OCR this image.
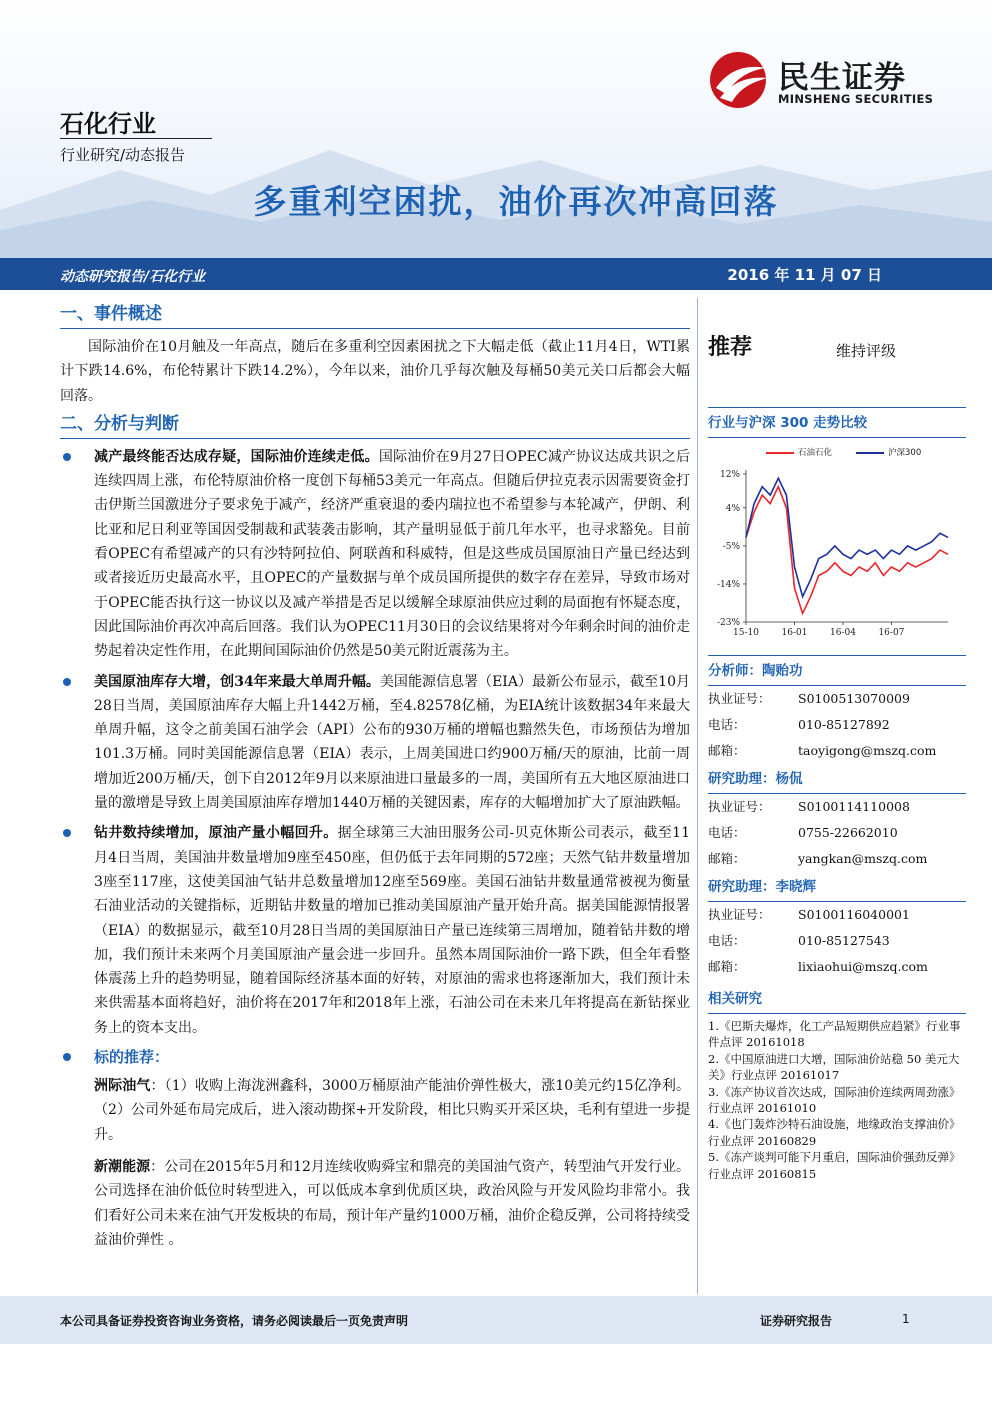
石化行业
行业研究/动态报告
民生证券
MINSHENG SECURITIES
多重利空困扰，油价再次冲高回落
动态研究报告/石化行业	2016 年 11 月 07 日
一、事件概述
国际油价在10月触及一年高点，随后在多重利空因素困扰之下大幅走低（截止11月4日，WTI累计下跌14.6%，布伦特累计下跌14.2%），今年以来，油价几乎每次触及每桶50美元关口后都会大幅回落。
二、分析与判断
减产最终能否达成存疑，国际油价连续走低。国际油价在9月27日OPEC减产协议达成共识之后连续四周上涨，布伦特原油价格一度创下每桶53美元一年高点。但随后伊拉克表示因需要资金打击伊斯兰国激进分子要求免于减产，经济严重衰退的委内瑞拉也不希望参与本轮减产，伊朗、利比亚和尼日利亚等国因受制裁和武装袭击影响，其产量明显低于前几年水平，也寻求豁免。目前看OPEC有希望减产的只有沙特阿拉伯、阿联酋和科威特，但是这些成员国原油日产量已经达到或者接近历史最高水平，且OPEC的产量数据与单个成员国所提供的数字存在差异，导致市场对于OPEC能否执行这一协议以及减产举措是否足以缓解全球原油供应过剩的局面抱有怀疑态度，因此国际油价再次冲高后回落。我们认为OPEC11月30日的会议结果将对今年剩余时间的油价走势起着决定性作用，在此期间国际油价仍然是50美元附近震荡为主。
美国原油库存大增，创34年来最大单周升幅。美国能源信息署（EIA）最新公布显示，截至10月28日当周，美国原油库存大幅上升1442万桶，至4.82578亿桶，为EIA统计该数据34年来最大单周升幅，这令之前美国石油学会（API）公布的930万桶的增幅也黯然失色，市场预估为增加101.3万桶。同时美国能源信息署（EIA）表示，上周美国进口约900万桶/天的原油，比前一周增加近200万桶/天，创下自2012年9月以来原油进口量最多的一周，美国所有五大地区原油进口量的激增是导致上周美国原油库存增加1440万桶的关键因素，库存的大幅增加扩大了原油跌幅。
钻井数持续增加，原油产量小幅回升。据全球第三大油田服务公司-贝克休斯公司表示，截至11月4日当周，美国油井数量增加9座至450座，但仍低于去年同期的572座；天然气钻井数量增加3座至117座，这使美国油气钻井总数量增加12座至569座。美国石油钻井数量通常被视为衡量石油业活动的关键指标，近期钻井数量的增加已推动美国原油产量开始升高。据美国能源情报署（EIA）的数据显示，截至10月28日当周的美国原油日产量已连续第三周增加，随着钻井数的增加，我们预计未来两个月美国原油产量会进一步回升。虽然本周国际油价一路下跌，但全年看整体震荡上升的趋势明显，随着国际经济基本面的好转，对原油的需求也将逐渐加大，我们预计未来供需基本面将趋好，油价将在2017年和2018年上涨，石油公司在未来几年将提高在新钻探业务上的资本支出。
标的推荐：
洲际油气：（1）收购上海泷洲鑫科，3000万桶原油产能油价弹性极大，涨10美元约15亿净利。（2）公司外延布局完成后，进入滚动勘探+开发阶段，相比只购买开采区块，毛利有望进一步提升。
新潮能源：公司在2015年5月和12月连续收购舜宝和鼎亮的美国油气资产，转型油气开发行业。公司选择在油价低位时转型进入，可以低成本拿到优质区块，政治风险与开发风险均非常小。我们看好公司未来在油气开发板块的布局，预计年产量约1000万桶，油价企稳反弹，公司将持续受益油价弹性 。
推荐	维持评级
行业与沪深 300 走势比较
石油石化	沪深300
12%
4%
-5%
-14%
-23%
15-10	16-01	16-04	16-07
分析师：陶贻功
执业证号： S0100513070009
电话：	010-85127892
邮箱：	taoyigong@mszq.com
研究助理：杨侃
执业证号： S0100114110008
电话：	0755-22662010
邮箱：	yangkan@mszq.com
研究助理：李晓辉
执业证号： S0100116040001
电话：	010-85127543
邮箱：	lixiaohui@mszq.com
相关研究
1.《巴斯夫爆炸，化工产品短期供应趋紧》行业事件点评 20161018
2.《中国原油进口大增，国际油价站稳 50 美元大关》行业点评 20161017
3.《冻产协议首次达成，国际油价连续两周劲涨》行业点评 20161010
4.《也门轰炸沙特石油设施，地缘政治支撑油价》行业点评 20160829
5.《冻产谈判可能下月重启，国际油价强劲反弹》行业点评 20160815
本公司具备证券投资咨询业务资格，请务必阅读最后一页免责声明	证券研究报告	1
